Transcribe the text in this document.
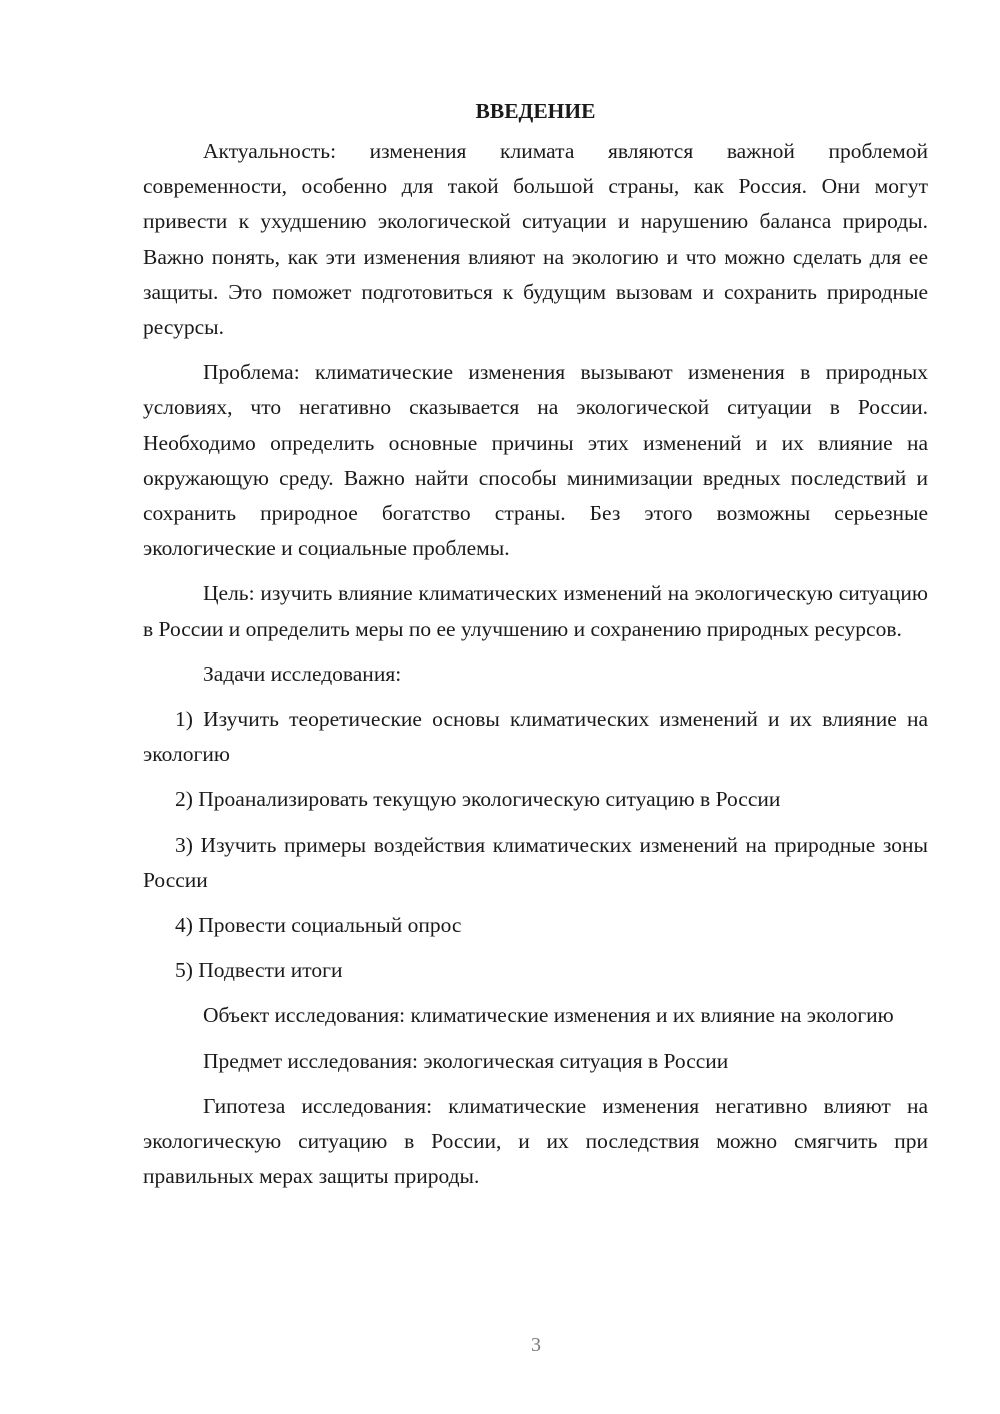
ВВЕДЕНИЕ

Актуальность: изменения климата являются важной проблемой современности, особенно для такой большой страны, как Россия. Они могут привести к ухудшению экологической ситуации и нарушению баланса природы. Важно понять, как эти изменения влияют на экологию и что можно сделать для ее защиты. Это поможет подготовиться к будущим вызовам и сохранить природные ресурсы.

Проблема: климатические изменения вызывают изменения в природных условиях, что негативно сказывается на экологической ситуации в России. Необходимо определить основные причины этих изменений и их влияние на окружающую среду. Важно найти способы минимизации вредных последствий и сохранить природное богатство страны. Без этого возможны серьезные экологические и социальные проблемы.

Цель: изучить влияние климатических изменений на экологическую ситуацию в России и определить меры по ее улучшению и сохранению природных ресурсов.

Задачи исследования:

1) Изучить теоретические основы климатических изменений и их влияние на экологию

2) Проанализировать текущую экологическую ситуацию в России

3) Изучить примеры воздействия климатических изменений на природные зоны России

4) Провести социальный опрос

5) Подвести итоги

Объект исследования: климатические изменения и их влияние на экологию

Предмет исследования: экологическая ситуация в России

Гипотеза исследования: климатические изменения негативно влияют на экологическую ситуацию в России, и их последствия можно смягчить при правильных мерах защиты природы.

3
